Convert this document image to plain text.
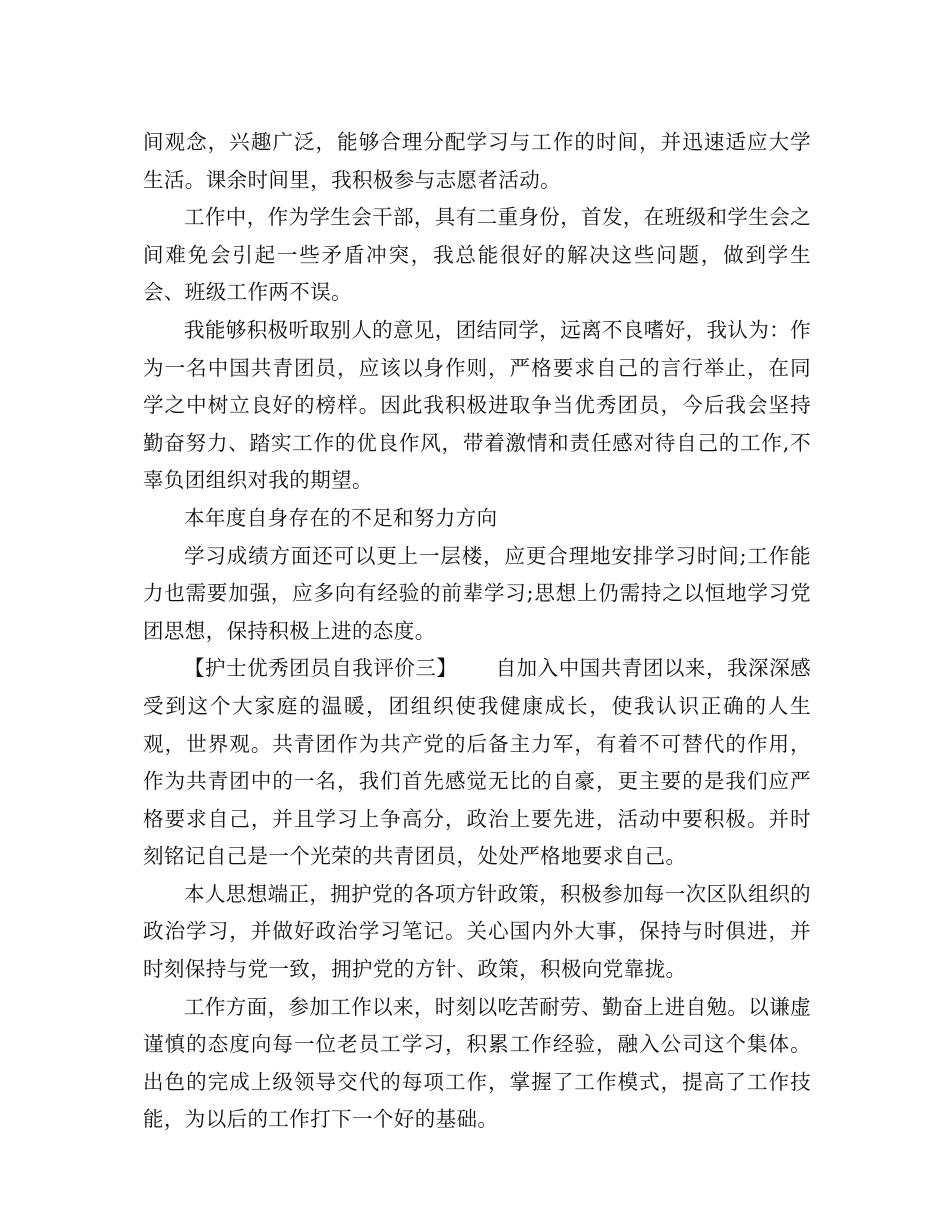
间观念，兴趣广泛，能够合理分配学习与工作的时间，并迅速适应大学生活。课余时间里，我积极参与志愿者活动。

工作中，作为学生会干部，具有二重身份，首发，在班级和学生会之间难免会引起一些矛盾冲突，我总能很好的解决这些问题，做到学生会、班级工作两不误。

我能够积极听取别人的意见，团结同学，远离不良嗜好，我认为：作为一名中国共青团员，应该以身作则，严格要求自己的言行举止，在同学之中树立良好的榜样。因此我积极进取争当优秀团员，今后我会坚持勤奋努力、踏实工作的优良作风，带着激情和责任感对待自己的工作,不辜负团组织对我的期望。

本年度自身存在的不足和努力方向

学习成绩方面还可以更上一层楼，应更合理地安排学习时间;工作能力也需要加强，应多向有经验的前辈学习;思想上仍需持之以恒地学习党团思想，保持积极上进的态度。

【护士优秀团员自我评价三】 自加入中国共青团以来，我深深感受到这个大家庭的温暖，团组织使我健康成长，使我认识正确的人生观，世界观。共青团作为共产党的后备主力军，有着不可替代的作用，作为共青团中的一名，我们首先感觉无比的自豪，更主要的是我们应严格要求自己，并且学习上争高分，政治上要先进，活动中要积极。并时刻铭记自己是一个光荣的共青团员，处处严格地要求自己。

本人思想端正，拥护党的各项方针政策，积极参加每一次区队组织的政治学习，并做好政治学习笔记。关心国内外大事，保持与时俱进，并时刻保持与党一致，拥护党的方针、政策，积极向党靠拢。

工作方面，参加工作以来，时刻以吃苦耐劳、勤奋上进自勉。以谦虚谨慎的态度向每一位老员工学习，积累工作经验，融入公司这个集体。出色的完成上级领导交代的每项工作，掌握了工作模式，提高了工作技能，为以后的工作打下一个好的基础。
